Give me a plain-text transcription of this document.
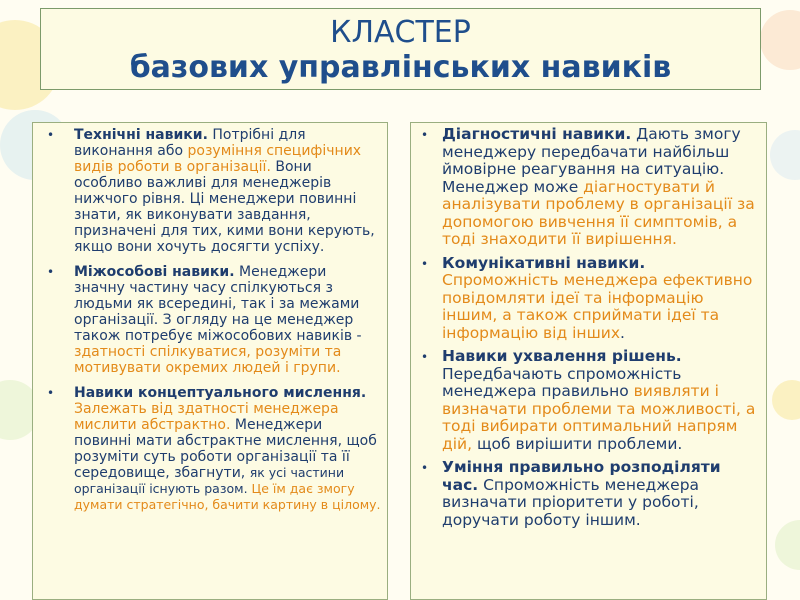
КЛАСТЕР
базових управлінських навиків
• Технічні навики. Потрібні для виконання або розуміння специфічних видів роботи в організації. Вони особливо важливі для менеджерів нижчого рівня. Ці менеджери повинні знати, як виконувати завдання, призначені для тих, кими вони керують, якщо вони хочуть досягти успіху.
• Міжособові навики. Менеджери значну частину часу спілкуються з людьми як всередині, так і за межами організації. З огляду на це менеджер також потребує міжособових навиків - здатності спілкуватися, розуміти та мотивувати окремих людей і групи.
• Навики концептуального мислення. Залежать від здатності менеджера мислити абстрактно. Менеджери повинні мати абстрактне мислення, щоб розуміти суть роботи організації та її середовище, збагнути, як усі частини організації існують разом. Це їм дає змогу думати стратегічно, бачити картину в цілому.
• Діагностичні навики. Дають змогу менеджеру передбачати найбільш ймовірне реагування на ситуацію. Менеджер може діагностувати й аналізувати проблему в організації за допомогою вивчення її симптомів, а тоді знаходити її вирішення.
• Комунікативні навики. Спроможність менеджера ефективно повідомляти ідеї та інформацію іншим, а також сприймати ідеї та інформацію від інших.
• Навики ухвалення рішень. Передбачають спроможність менеджера правильно виявляти і визначати проблеми та можливості, а тоді вибирати оптимальний напрям дій, щоб вирішити проблеми.
• Уміння правильно розподіляти час. Спроможність менеджера визначати пріоритети у роботі, доручати роботу іншим.
